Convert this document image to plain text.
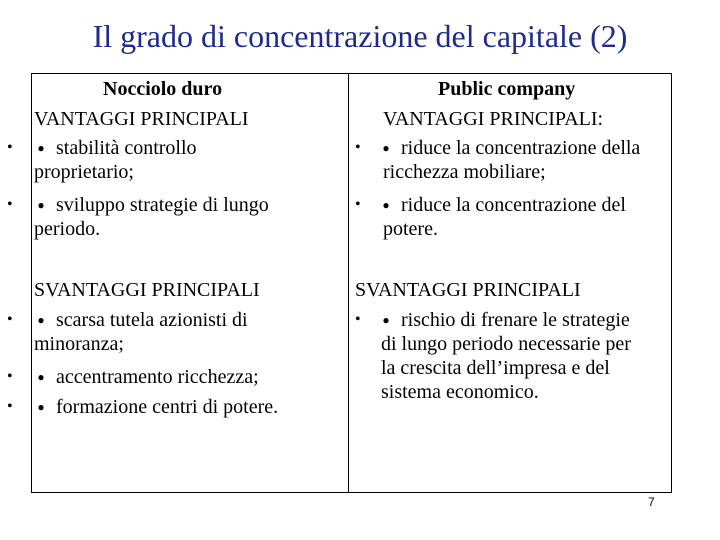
Il grado di concentrazione del capitale (2)
Nocciolo duro
VANTAGGI PRINCIPALI
• ● stabilità controllo
proprietario;
• ● sviluppo strategie di lungo
periodo.
SVANTAGGI PRINCIPALI
• ● scarsa tutela azionisti di
minoranza;
• ● accentramento ricchezza;
• ● formazione centri di potere.
Public company
VANTAGGI PRINCIPALI:
• ● riduce la concentrazione della
ricchezza mobiliare;
• ● riduce la concentrazione del
potere.
SVANTAGGI PRINCIPALI
• ● rischio di frenare le strategie
di lungo periodo necessarie per
la crescita dell’impresa e del
sistema economico.
7
